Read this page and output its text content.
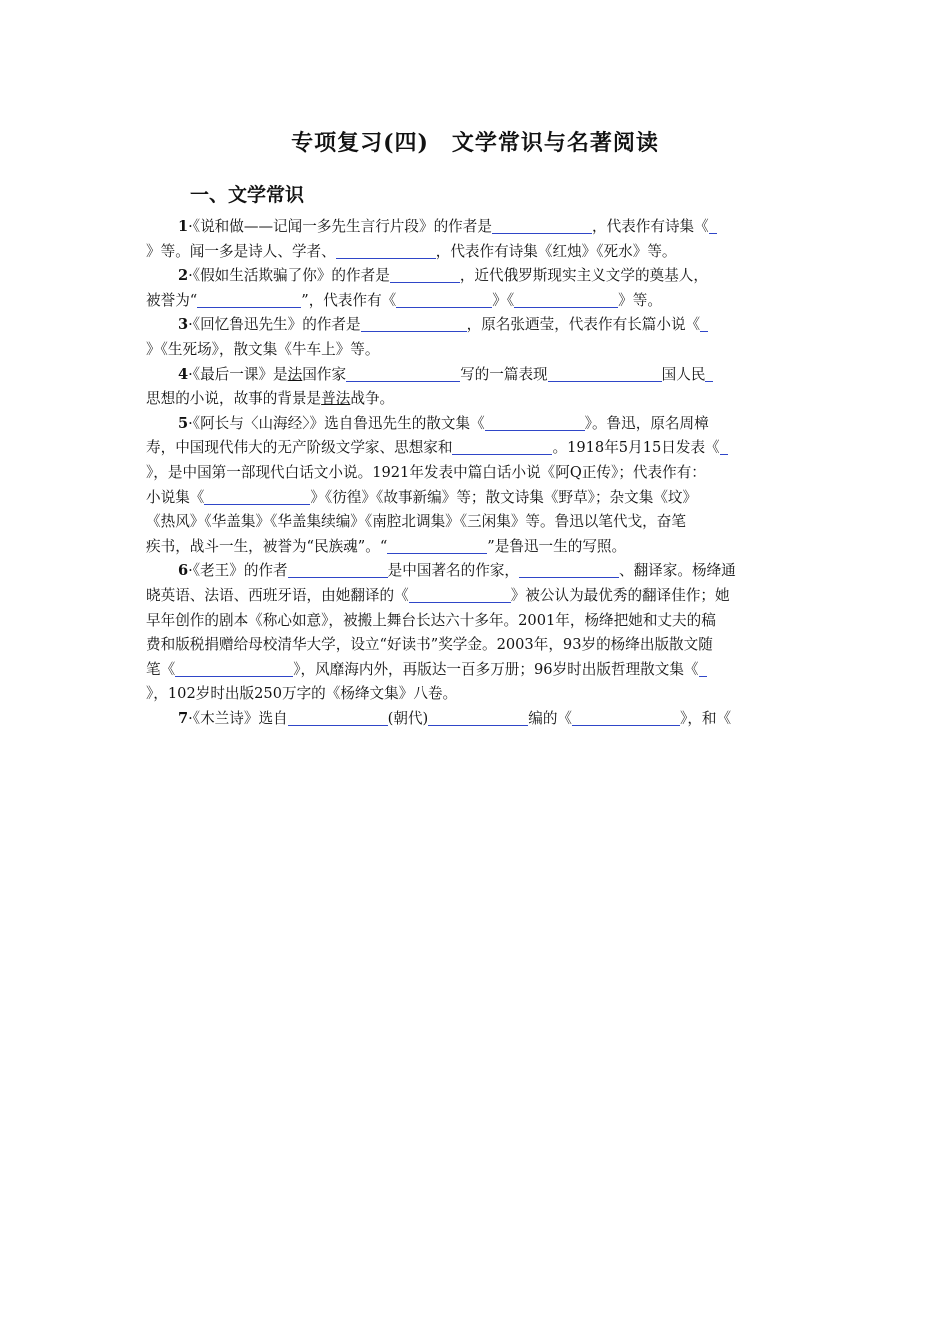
专项复习(四)　文学常识与名著阅读
一、文学常识
1·《说和做——记闻一多先生言行片段》的作者是	，代表作有诗集《
》等。闻一多是诗人、学者、	，代表作有诗集《红烛》《死水》等。
2·《假如生活欺骗了你》的作者是	，近代俄罗斯现实主义文学的奠基人，
被誉为“	”，代表作有《	》《	》等。
3·《回忆鲁迅先生》的作者是	，原名张迺莹，代表作有长篇小说《
》《生死场》，散文集《牛车上》等。
4·《最后一课》是法国作家	写的一篇表现	国人民
思想的小说，故事的背景是普法战争。
5·《阿长与〈山海经〉》选自鲁迅先生的散文集《	》。鲁迅，原名周樟
寿，中国现代伟大的无产阶级文学家、思想家和	。1918年5月15日发表《
》，是中国第一部现代白话文小说。1921年发表中篇白话小说《阿Q正传》；代表作有：
小说集《	》《彷徨》《故事新编》等；散文诗集《野草》；杂文集《坟》
《热风》《华盖集》《华盖集续编》《南腔北调集》《三闲集》等。鲁迅以笔代戈，奋笔
疾书，战斗一生，被誉为“民族魂”。“	”是鲁迅一生的写照。
6·《老王》的作者	是中国著名的作家，	、翻译家。杨绛通
晓英语、法语、西班牙语，由她翻译的《	》被公认为最优秀的翻译佳作；她
早年创作的剧本《称心如意》，被搬上舞台长达六十多年。2001年，杨绛把她和丈夫的稿
费和版税捐赠给母校清华大学，设立“好读书”奖学金。2003年，93岁的杨绛出版散文随
笔《	》，风靡海内外，再版达一百多万册；96岁时出版哲理散文集《
》，102岁时出版250万字的《杨绛文集》八卷。
7·《木兰诗》选自	(朝代)	编的《	》，和《
